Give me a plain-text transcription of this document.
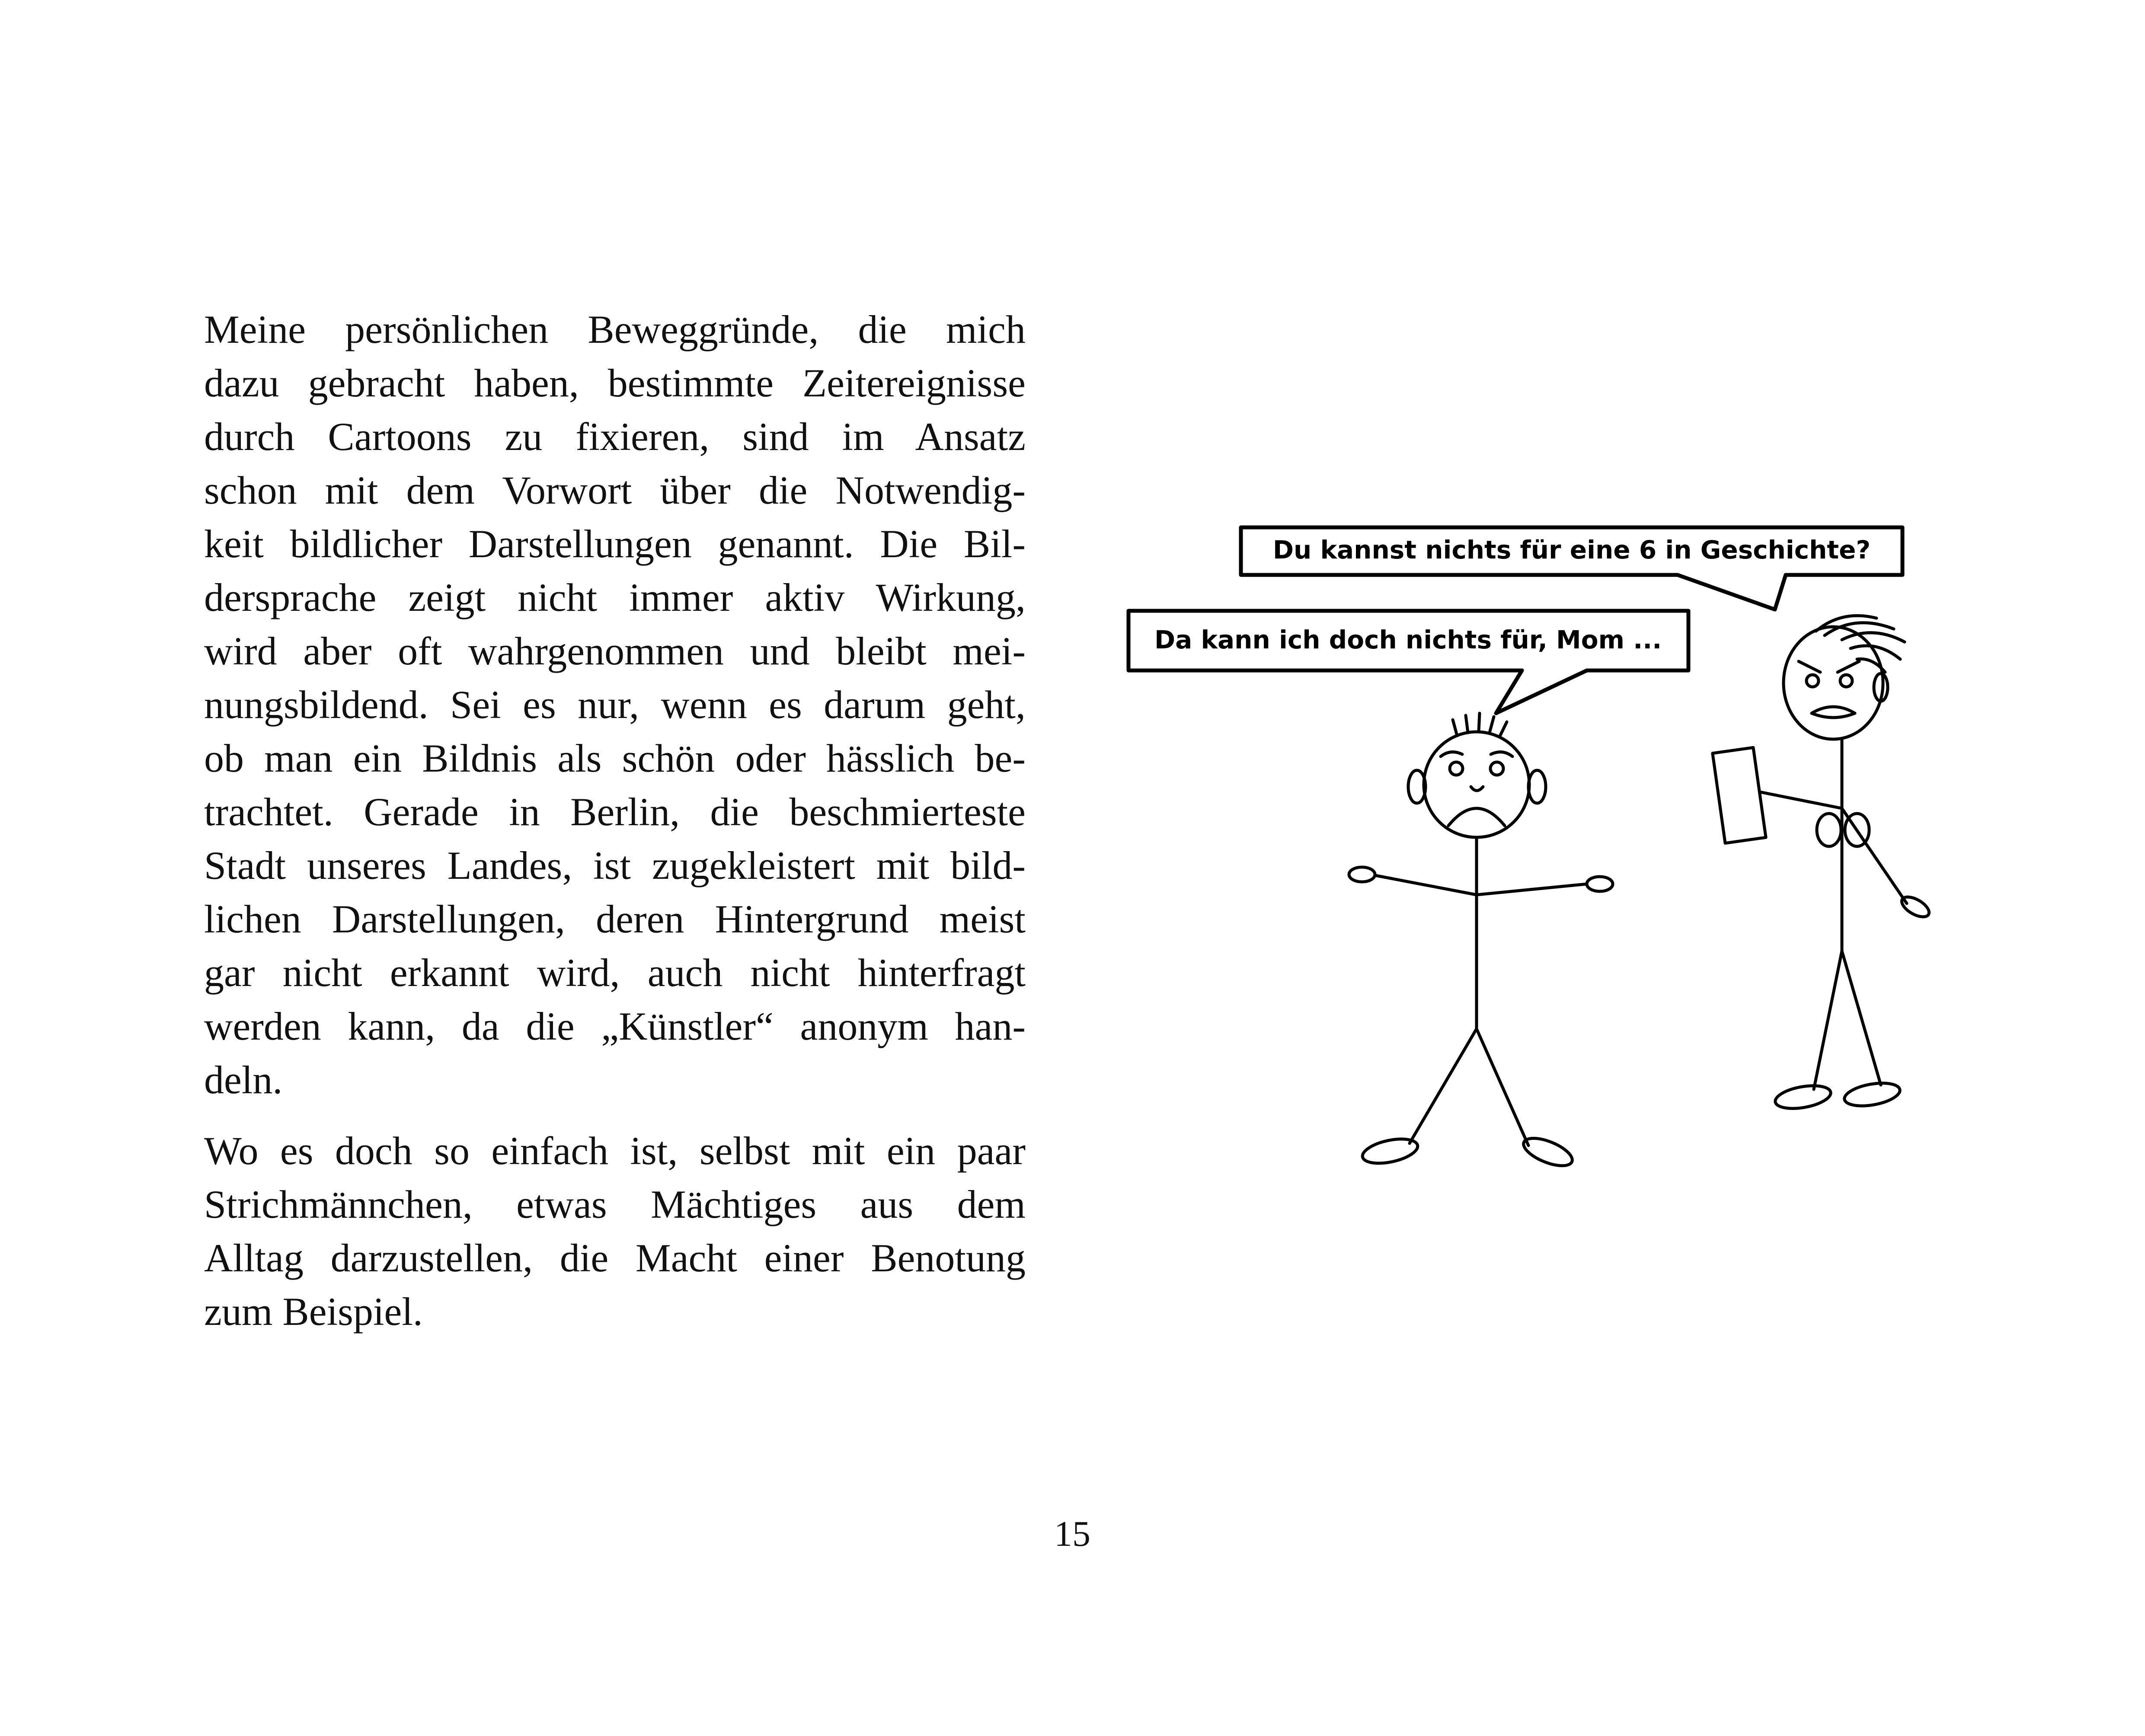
Meine persönlichen Beweggründe, die mich
dazu gebracht haben, bestimmte Zeitereignisse
durch Cartoons zu fixieren, sind im Ansatz
schon mit dem Vorwort über die Notwendig-
keit bildlicher Darstellungen genannt. Die Bil-
dersprache zeigt nicht immer aktiv Wirkung,
wird aber oft wahrgenommen und bleibt mei-
nungsbildend. Sei es nur, wenn es darum geht,
ob man ein Bildnis als schön oder hässlich be-
trachtet. Gerade in Berlin, die beschmierteste
Stadt unseres Landes, ist zugekleistert mit bild-
lichen Darstellungen, deren Hintergrund meist
gar nicht erkannt wird, auch nicht hinterfragt
werden kann, da die „Künstler“ anonym han-
deln.

Wo es doch so einfach ist, selbst mit ein paar
Strichmännchen, etwas Mächtiges aus dem
Alltag darzustellen, die Macht einer Benotung
zum Beispiel.

Du kannst nichts für eine 6 in Geschichte?
Da kann ich doch nichts für, Mom ...
15
